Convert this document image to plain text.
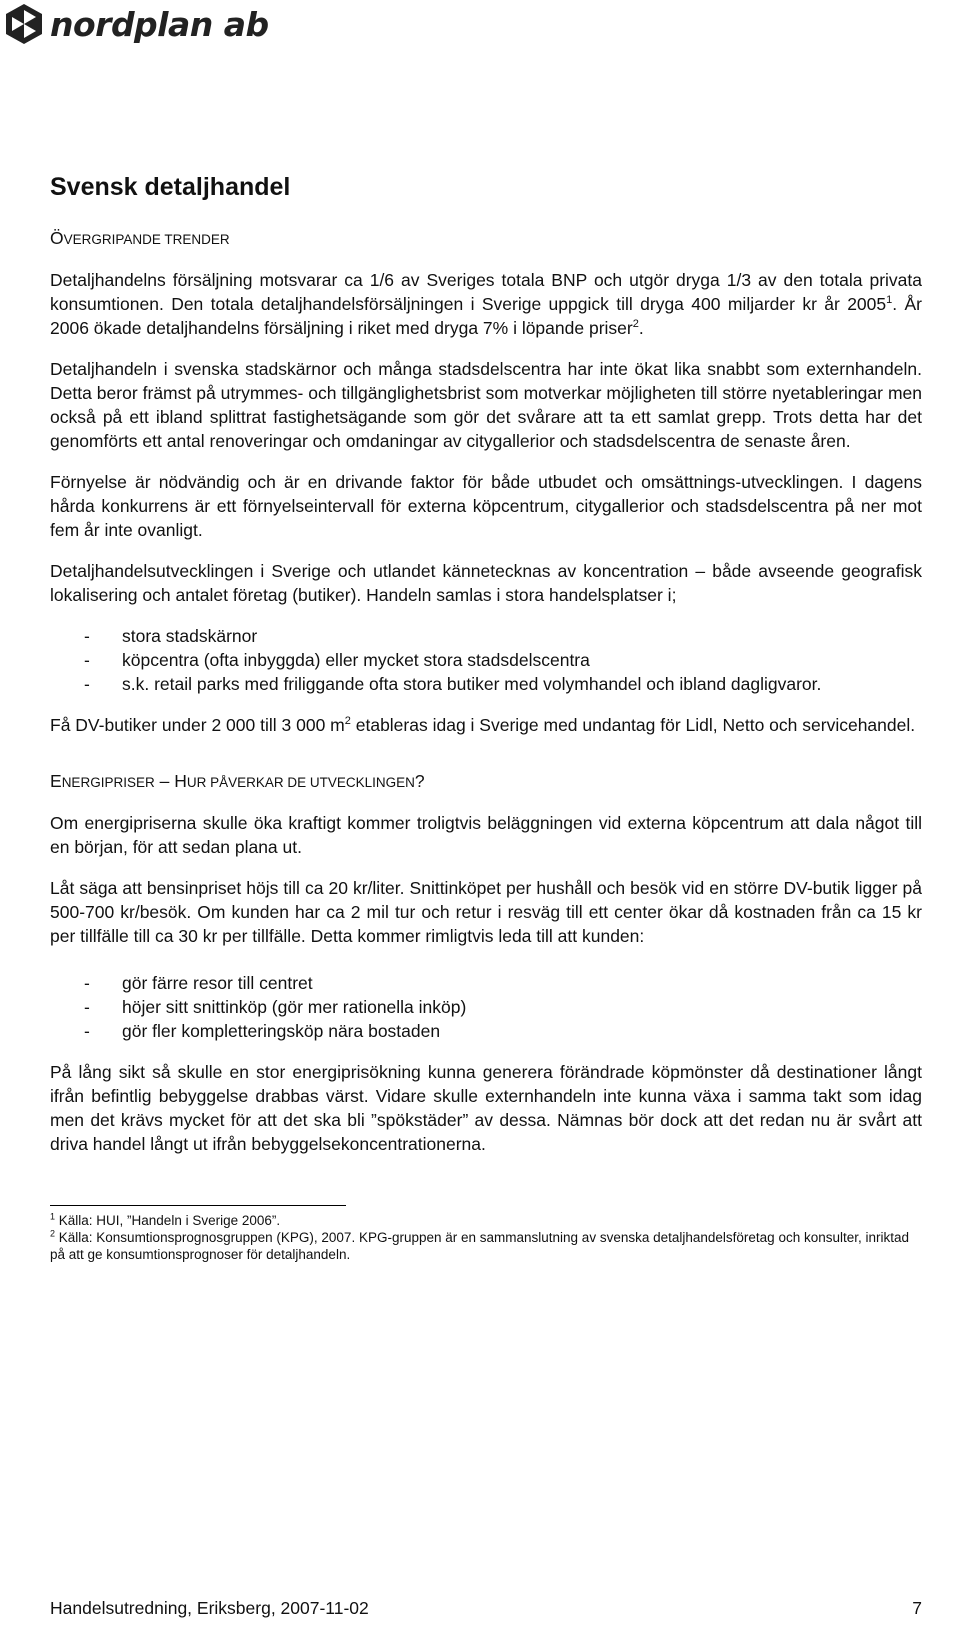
nordplan ab
Svensk detaljhandel
ÖVERGRIPANDE TRENDER

Detaljhandelns försäljning motsvarar ca 1/6 av Sveriges totala BNP och utgör dryga 1/3 av den totala privata konsumtionen. Den totala detaljhandelsförsäljningen i Sverige uppgick till dryga 400 miljarder kr år 2005$^1$. År 2006 ökade detaljhandelns försäljning i riket med dryga 7% i löpande priser$^2$.

Detaljhandeln i svenska stadskärnor och många stadsdelscentra har inte ökat lika snabbt som externhandeln. Detta beror främst på utrymmes- och tillgänglighetsbrist som motverkar möjligheten till större nyetableringar men också på ett ibland splittrat fastighetsägande som gör det svårare att ta ett samlat grepp. Trots detta har det genomförts ett antal renoveringar och omdaningar av citygallerior och stadsdelscentra de senaste åren.

Förnyelse är nödvändig och är en drivande faktor för både utbudet och omsättnings-utvecklingen. I dagens hårda konkurrens är ett förnyelseintervall för externa köpcentrum, citygallerior och stadsdelscentra på ner mot fem år inte ovanligt.

Detaljhandelsutvecklingen i Sverige och utlandet kännetecknas av koncentration – både avseende geografisk lokalisering och antalet företag (butiker). Handeln samlas i stora handelsplatser i;

-	stora stadskärnor
-	köpcentra (ofta inbyggda) eller mycket stora stadsdelscentra
-	s.k. retail parks med friliggande ofta stora butiker med volymhandel och ibland dagligvaror.

Få DV-butiker under 2 000 till 3 000 $m^2$ etableras idag i Sverige med undantag för Lidl, Netto och servicehandel.

ENERGIPRISER – HUR PÅVERKAR DE UTVECKLINGEN?

Om energipriserna skulle öka kraftigt kommer troligtvis beläggningen vid externa köpcentrum att dala något till en början, för att sedan plana ut.

Låt säga att bensinpriset höjs till ca 20 kr/liter. Snittinköpet per hushåll och besök vid en större DV-butik ligger på 500-700 kr/besök. Om kunden har ca 2 mil tur och retur i resväg till ett center ökar då kostnaden från ca 15 kr per tillfälle till ca 30 kr per tillfälle. Detta kommer rimligtvis leda till att kunden:

-	gör färre resor till centret
-	höjer sitt snittinköp (gör mer rationella inköp)
-	gör fler kompletteringsköp nära bostaden

På lång sikt så skulle en stor energiprisökning kunna generera förändrade köpmönster då destinationer långt ifrån befintlig bebyggelse drabbas värst. Vidare skulle externhandeln inte kunna växa i samma takt som idag men det krävs mycket för att det ska bli ”spökstäder” av dessa. Nämnas bör dock att det redan nu är svårt att driva handel långt ut ifrån bebyggelsekoncentrationerna.

$^1$ Källa: HUI, ”Handeln i Sverige 2006”.

$^2$ Källa: Konsumtionsprognosgruppen (KPG), 2007. KPG-gruppen är en sammanslutning av svenska detaljhandelsföretag och konsulter, inriktad på att ge konsumtionsprognoser för detaljhandeln.

Handelsutredning, Eriksberg, 2007-11-02	7
